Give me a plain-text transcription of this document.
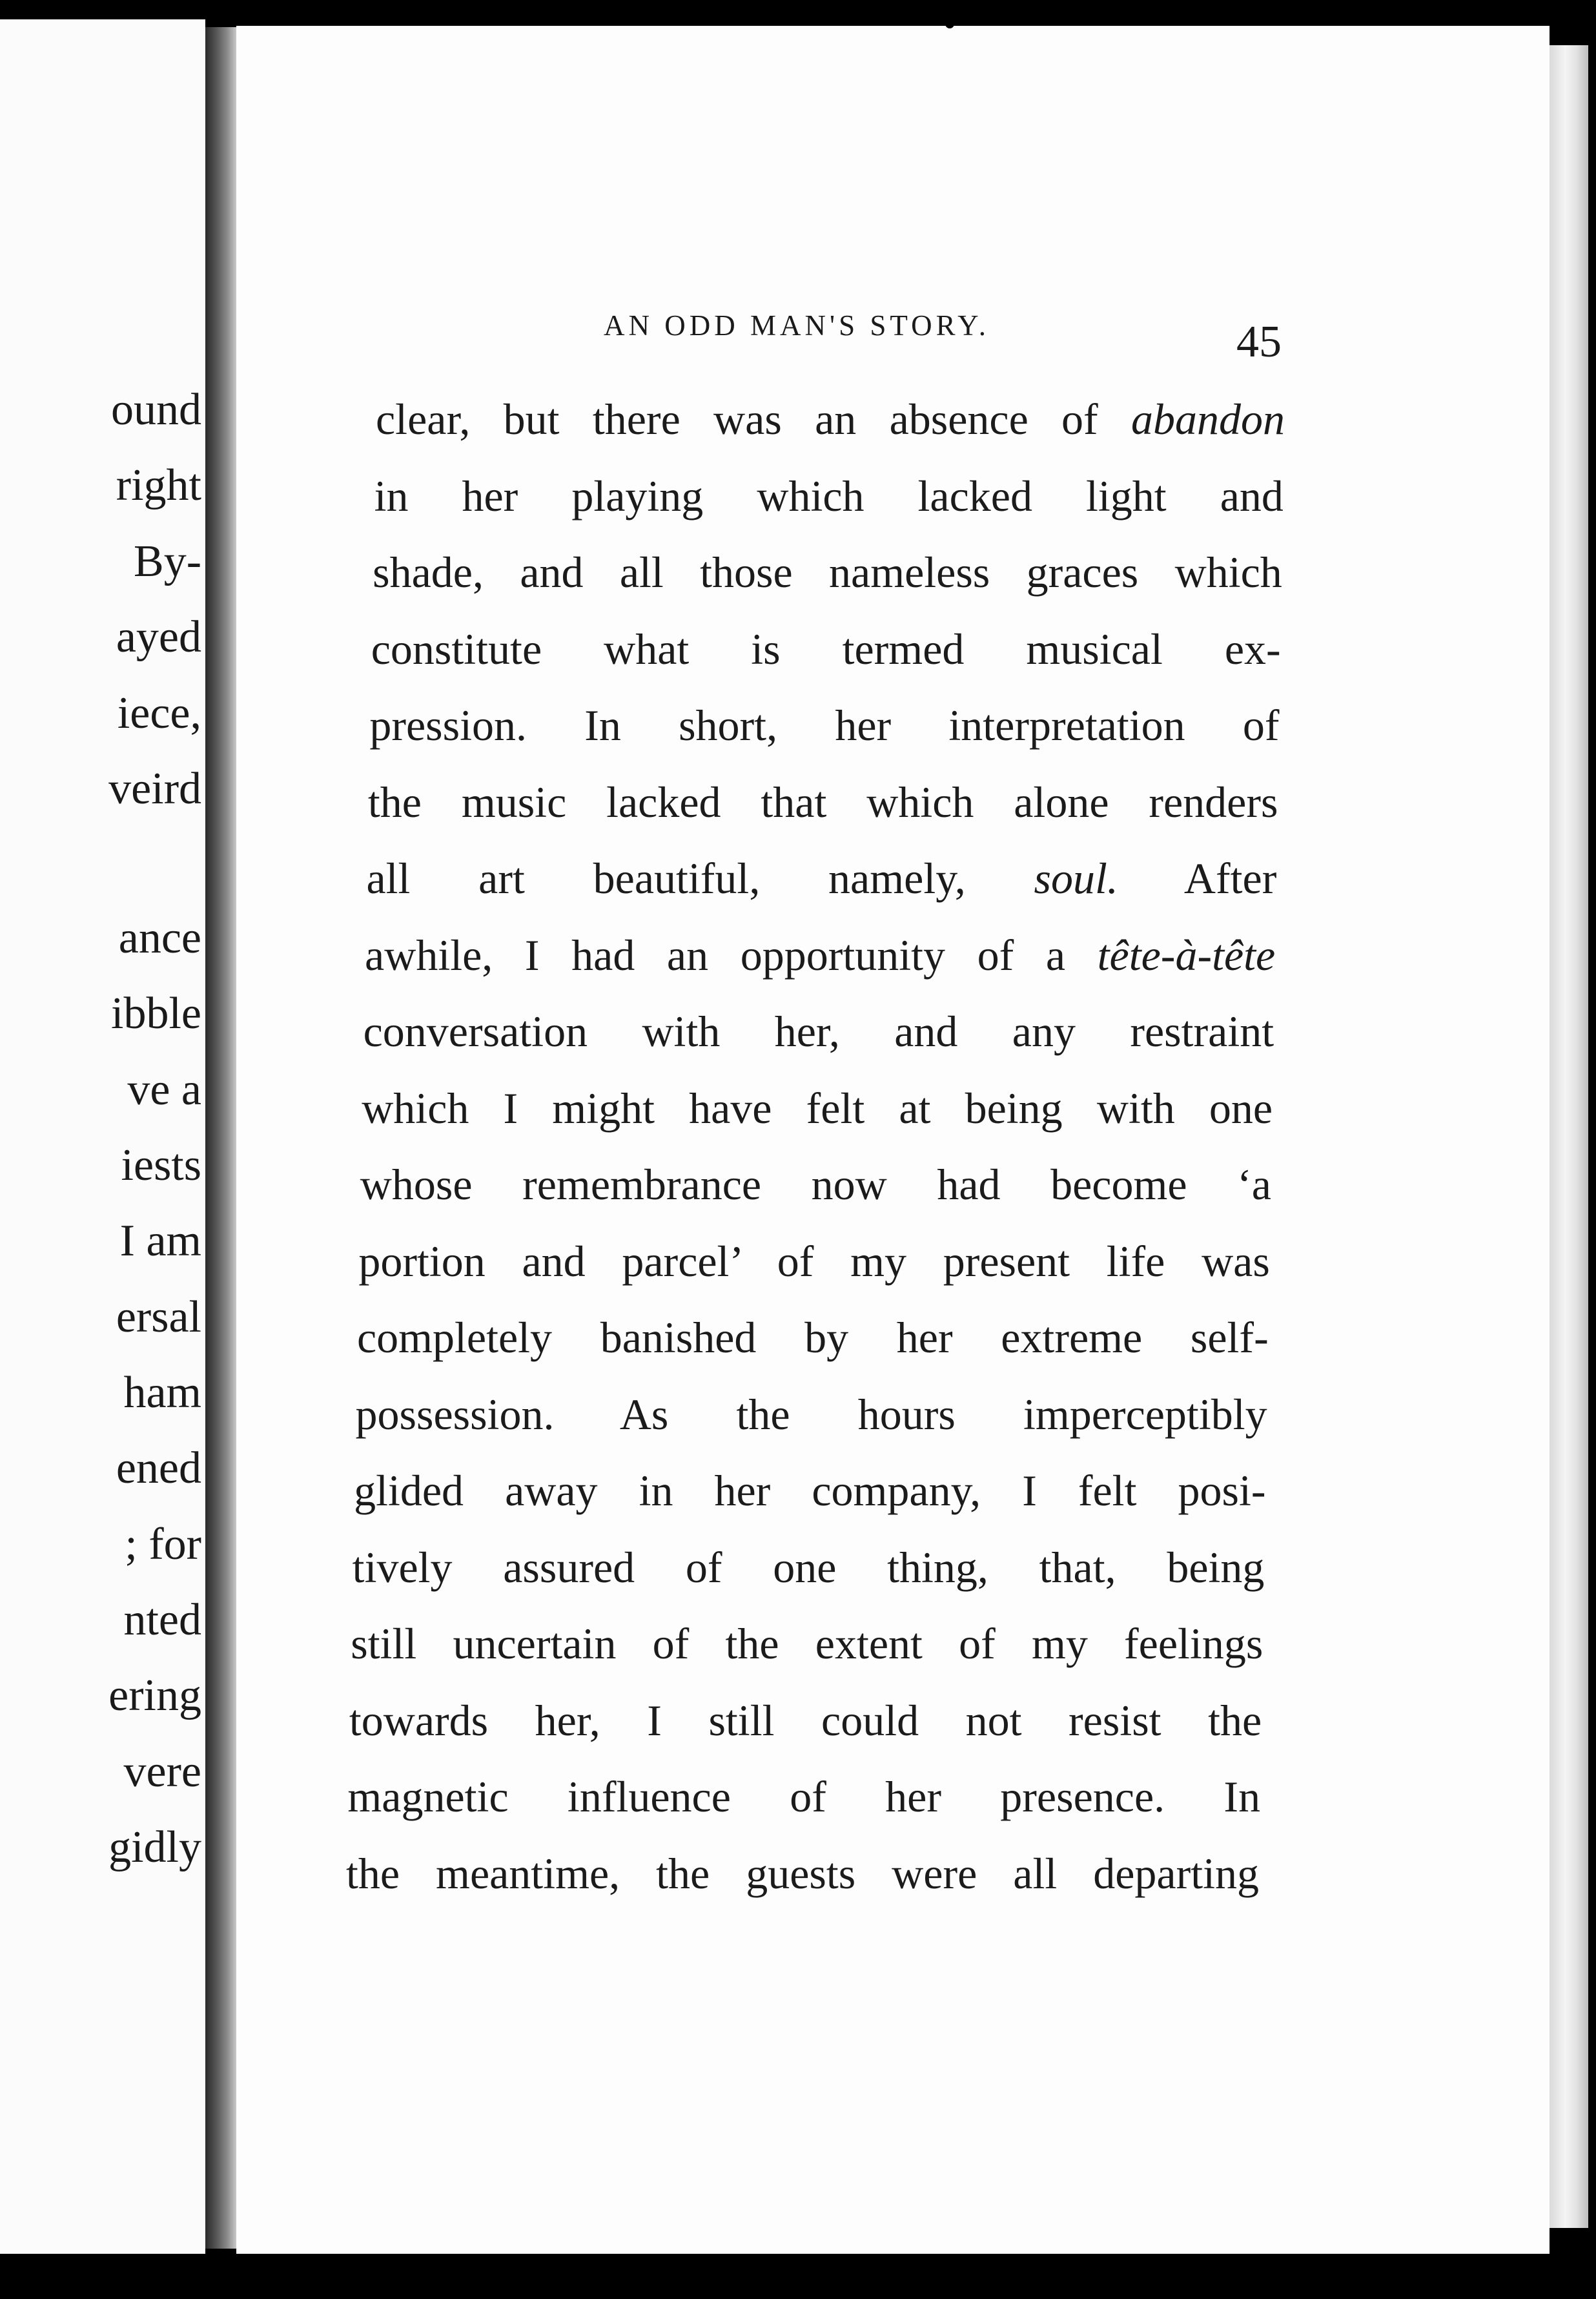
ound
right
By-
ayed
iece,
veird
ance
ibble
ve a
iests
I am
ersal
ham
ened
; for
nted
ering
vere
gidly
AN ODD MAN'S STORY.	45
clear, but there was an absence of abandon
in her playing which lacked light and
shade, and all those nameless graces which
constitute what is termed musical ex-
pression. In short, her interpretation of
the music lacked that which alone renders
all art beautiful, namely, soul. After
awhile, I had an opportunity of a tête-à-tête
conversation with her, and any restraint
which I might have felt at being with one
whose remembrance now had become ‘a
portion and parcel’ of my present life was
completely banished by her extreme self-
possession. As the hours imperceptibly
glided away in her company, I felt posi-
tively assured of one thing, that, being
still uncertain of the extent of my feelings
towards her, I still could not resist the
magnetic influence of her presence. In
the meantime, the guests were all departing
